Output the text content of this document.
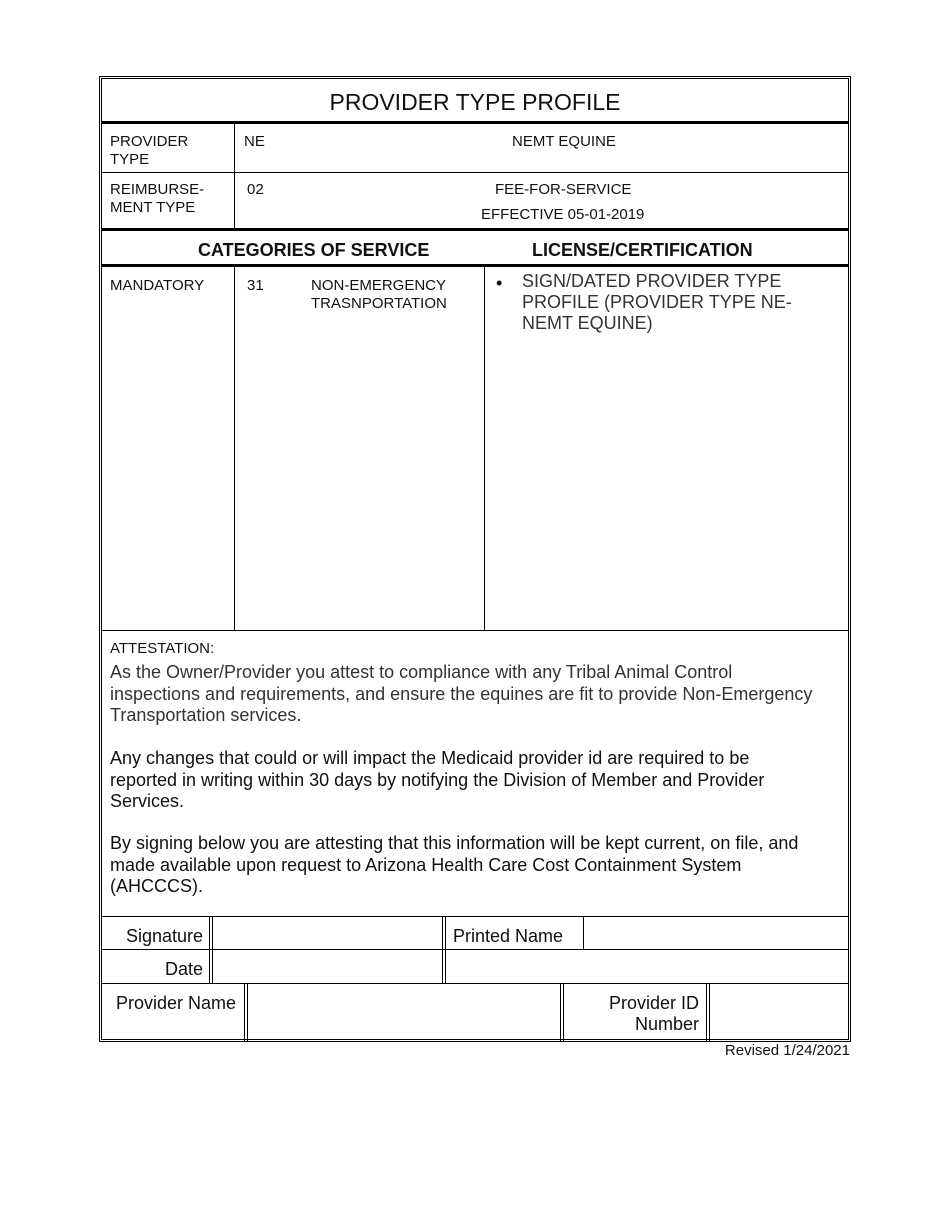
PROVIDER TYPE PROFILE
PROVIDER
TYPE
NE	NEMT EQUINE
REIMBURSE-
MENT TYPE
02	FEE-FOR-SERVICE
EFFECTIVE 05-01-2019
CATEGORIES OF SERVICE	LICENSE/CERTIFICATION
MANDATORY	31	NON-EMERGENCY
TRASNPORTATION
• SIGN/DATED PROVIDER TYPE
PROFILE (PROVIDER TYPE NE-
NEMT EQUINE)
ATTESTATION:
As the Owner/Provider you attest to compliance with any Tribal Animal Control
inspections and requirements, and ensure the equines are fit to provide Non-Emergency
Transportation services.
Any changes that could or will impact the Medicaid provider id are required to be
reported in writing within 30 days by notifying the Division of Member and Provider
Services.
By signing below you are attesting that this information will be kept current, on file, and
made available upon request to Arizona Health Care Cost Containment System
(AHCCCS).
Signature	Printed Name
Date
Provider Name	Provider ID
Number
Revised 1/24/2021
